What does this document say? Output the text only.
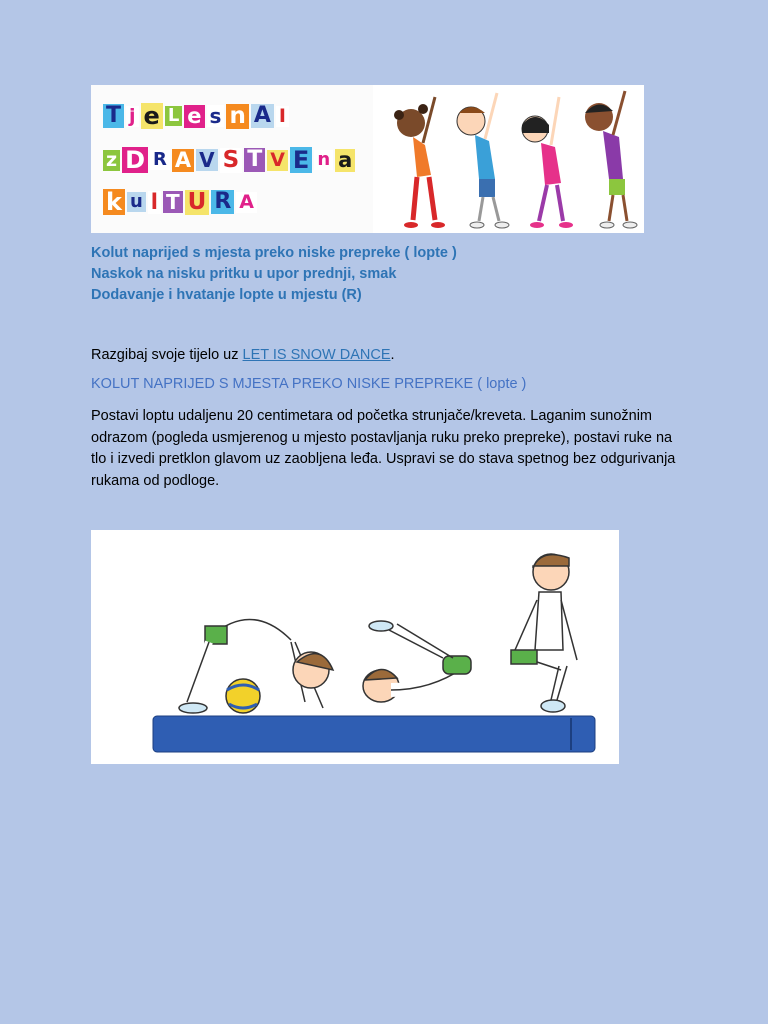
T j e L e s n A I
z D R A V S T V E n a
k u l T U R A
Kolut naprijed s mjesta preko niske prepreke ( lopte )
Naskok na nisku pritku u upor prednji, smak
Dodavanje i hvatanje lopte u mjestu (R)
Razgibaj svoje tijelo uz LET IS SNOW DANCE.
KOLUT NAPRIJED S MJESTA PREKO NISKE PREPREKE ( lopte )
Postavi loptu udaljenu 20 centimetara od početka strunjače/kreveta. Laganim sunožnim odrazom (pogleda usmjerenog u mjesto postavljanja ruku preko prepreke), postavi ruke na tlo i izvedi pretklon glavom uz zaobljena leđa. Uspravi se do stava spetnog bez odgurivanja rukama od podloge.
